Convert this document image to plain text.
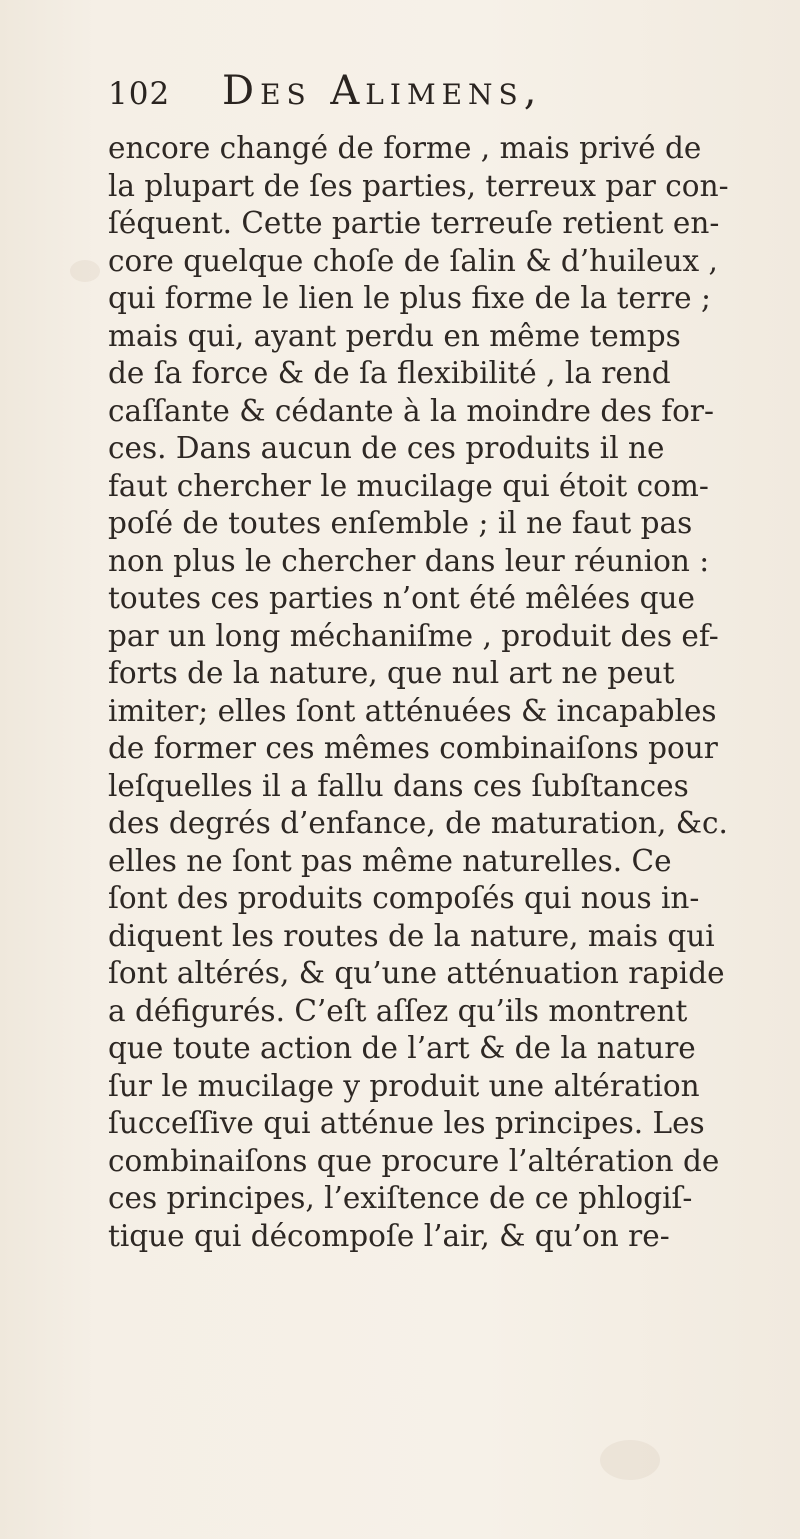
102 Des Alimens,
encore changé de forme , mais privé de
la plupart de ſes parties, terreux par con-
ſéquent. Cette partie terreuſe retient en-
core quelque choſe de ſalin & d’huileux ,
qui forme le lien le plus fixe de la terre ;
mais qui, ayant perdu en même temps
de ſa force & de ſa flexibilité , la rend
caſſante & cédante à la moindre des for-
ces. Dans aucun de ces produits il ne
faut chercher le mucilage qui étoit com-
poſé de toutes enſemble ; il ne faut pas
non plus le chercher dans leur réunion :
toutes ces parties n’ont été mêlées que
par un long méchaniſme , produit des ef-
forts de la nature, que nul art ne peut
imiter; elles ſont atténuées & incapables
de former ces mêmes combinaiſons pour
leſquelles il a fallu dans ces ſubſtances
des degrés d’enfance, de maturation, &c.
elles ne ſont pas même naturelles. Ce
ſont des produits compoſés qui nous in-
diquent les routes de la nature, mais qui
ſont altérés, & qu’une atténuation rapide
a défigurés. C’eſt aſſez qu’ils montrent
que toute action de l’art & de la nature
ſur le mucilage y produit une altération
ſucceſſive qui atténue les principes. Les
combinaiſons que procure l’altération de
ces principes, l’exiſtence de ce phlogiſ-
tique qui décompoſe l’air, & qu’on re-
